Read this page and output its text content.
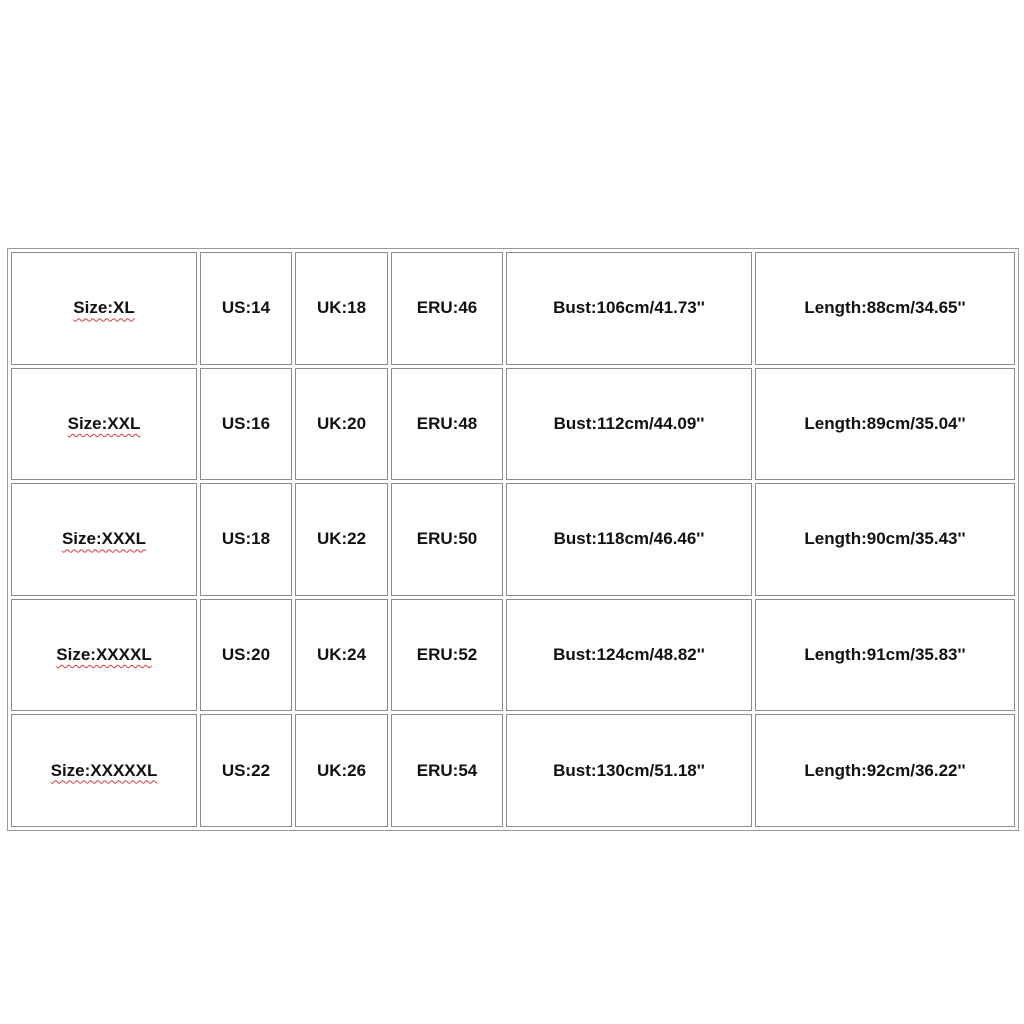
Size:XL	US:14	UK:18	ERU:46	Bust:106cm/41.73''	Length:88cm/34.65''
Size:XXL	US:16	UK:20	ERU:48	Bust:112cm/44.09''	Length:89cm/35.04''
Size:XXXL	US:18	UK:22	ERU:50	Bust:118cm/46.46''	Length:90cm/35.43''
Size:XXXXL	US:20	UK:24	ERU:52	Bust:124cm/48.82''	Length:91cm/35.83''
Size:XXXXXL	US:22	UK:26	ERU:54	Bust:130cm/51.18''	Length:92cm/36.22''
